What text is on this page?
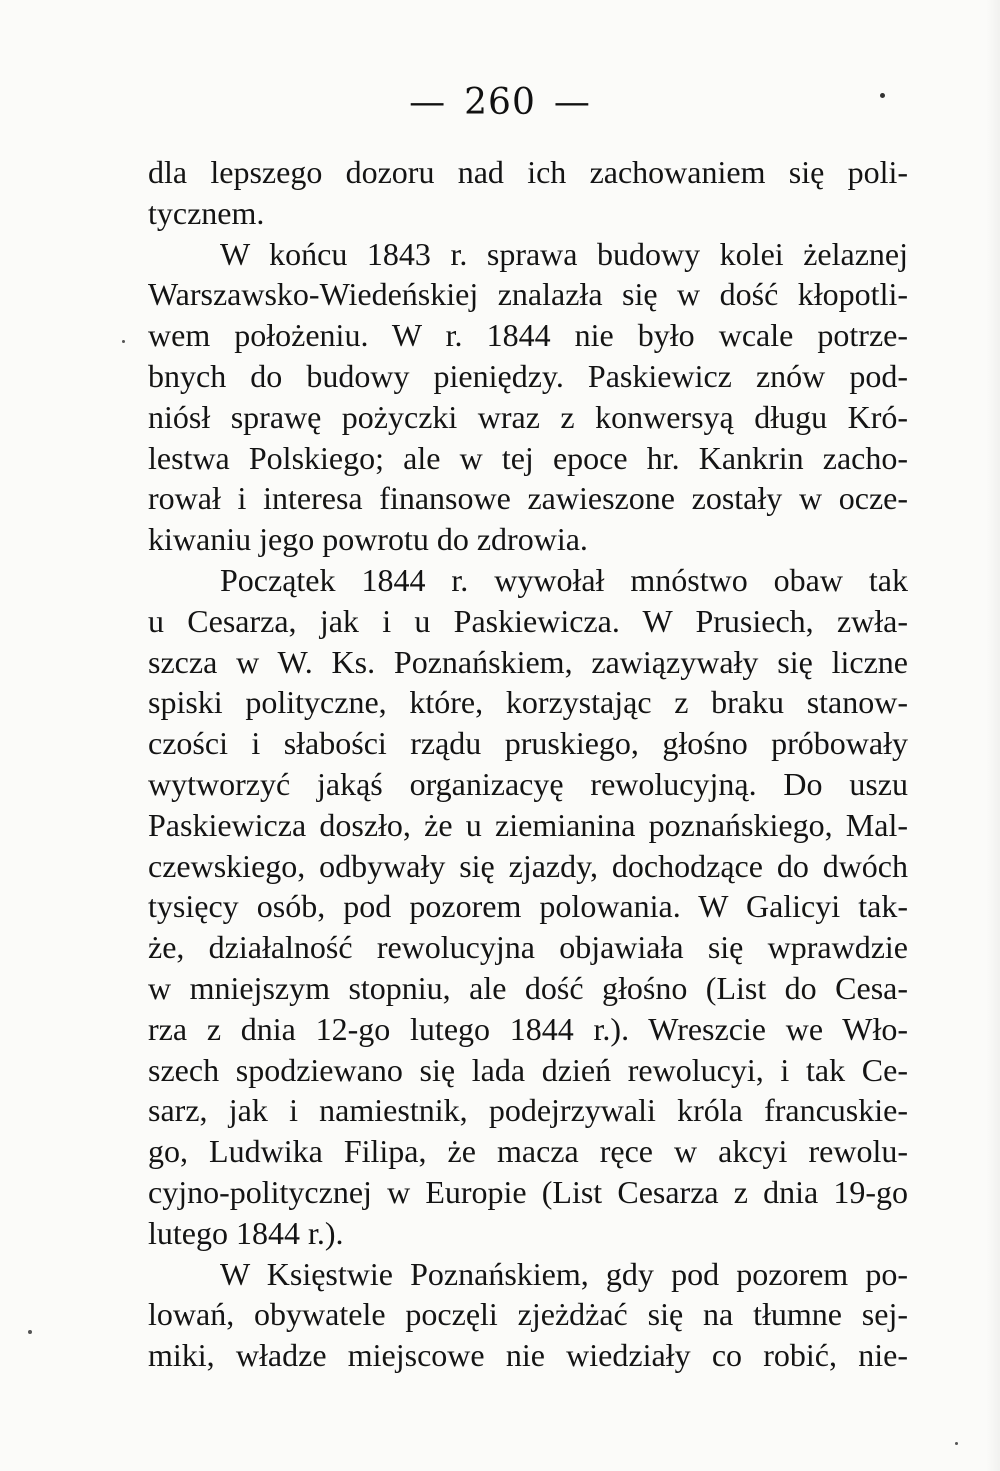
— 260 —
dla lepszego dozoru nad ich zachowaniem się poli-
tycznem.
W końcu 1843 r. sprawa budowy kolei żelaznej
Warszawsko-Wiedeńskiej znalazła się w dość kłopotli-
wem położeniu. W r. 1844 nie było wcale potrze-
bnych do budowy pieniędzy. Paskiewicz znów pod-
niósł sprawę pożyczki wraz z konwersyą długu Kró-
lestwa Polskiego; ale w tej epoce hr. Kankrin zacho-
rował i interesa finansowe zawieszone zostały w ocze-
kiwaniu jego powrotu do zdrowia.
Początek 1844 r. wywołał mnóstwo obaw tak
u Cesarza, jak i u Paskiewicza. W Prusiech, zwła-
szcza w W. Ks. Poznańskiem, zawiązywały się liczne
spiski polityczne, które, korzystając z braku stanow-
czości i słabości rządu pruskiego, głośno próbowały
wytworzyć jakąś organizacyę rewolucyjną. Do uszu
Paskiewicza doszło, że u ziemianina poznańskiego, Mal-
czewskiego, odbywały się zjazdy, dochodzące do dwóch
tysięcy osób, pod pozorem polowania. W Galicyi tak-
że, działalność rewolucyjna objawiała się wprawdzie
w mniejszym stopniu, ale dość głośno (List do Cesa-
rza z dnia 12-go lutego 1844 r.). Wreszcie we Wło-
szech spodziewano się lada dzień rewolucyi, i tak Ce-
sarz, jak i namiestnik, podejrzywali króla francuskie-
go, Ludwika Filipa, że macza ręce w akcyi rewolu-
cyjno-politycznej w Europie (List Cesarza z dnia 19-go
lutego 1844 r.).
W Księstwie Poznańskiem, gdy pod pozorem po-
lowań, obywatele poczęli zjeżdżać się na tłumne sej-
miki, władze miejscowe nie wiedziały co robić, nie-
